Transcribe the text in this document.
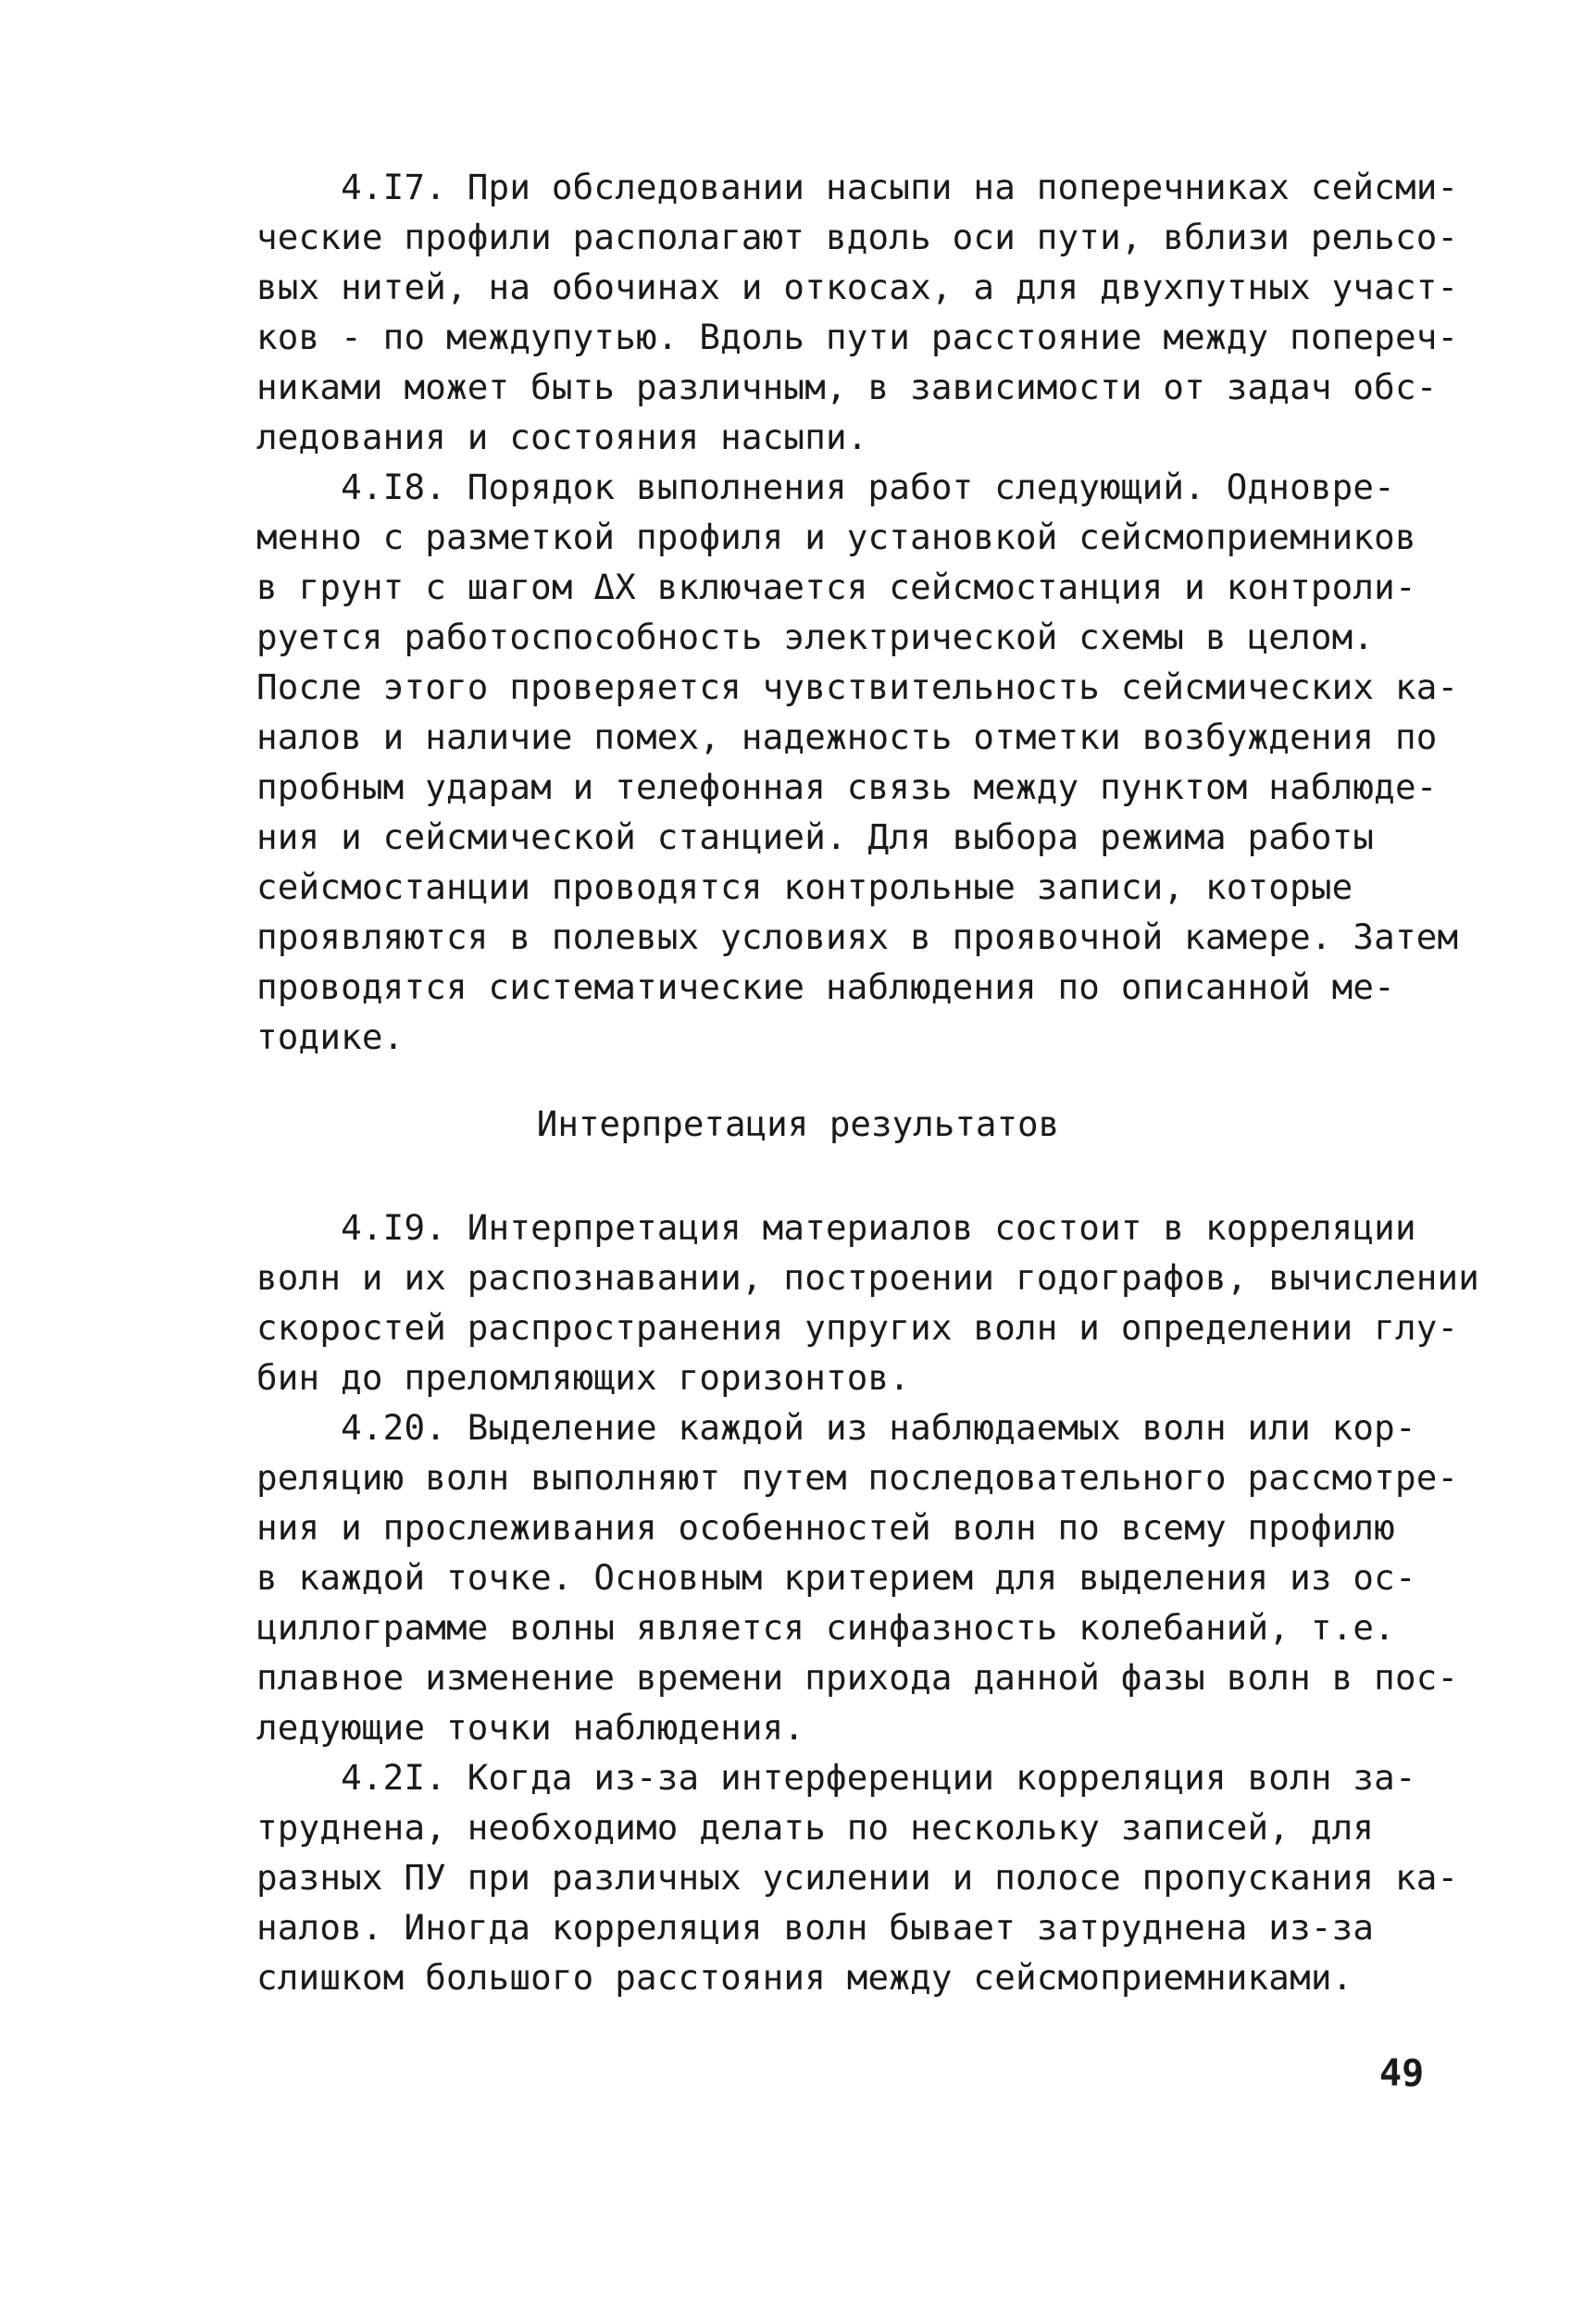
4.I7. При обследовании насыпи на поперечниках сейсми-
ческие профили располагают вдоль оси пути, вблизи рельсо-
вых нитей, на обочинах и откосах, а для двухпутных участ-
ков - по междупутью. Вдоль пути расстояние между попереч-
никами может быть различным, в зависимости от задач обс-
ледования и состояния насыпи.
4.I8. Порядок выполнения работ следующий. Одновре-
менно с разметкой профиля и установкой сейсмоприемников
в грунт с шагом ΔX включается сейсмостанция и контроли-
руется работоспособность электрической схемы в целом.
После этого проверяется чувствительность сейсмических ка-
налов и наличие помех, надежность отметки возбуждения по
пробным ударам и телефонная связь между пунктом наблюде-
ния и сейсмической станцией. Для выбора режима работы
сейсмостанции проводятся контрольные записи, которые
проявляются в полевых условиях в проявочной камере. Затем
проводятся систематические наблюдения по описанной ме-
тодике.
Интерпретация результатов
4.I9. Интерпретация материалов состоит в корреляции
волн и их распознавании, построении годографов, вычислении
скоростей распространения упругих волн и определении глу-
бин до преломляющих горизонтов.
4.20. Выделение каждой из наблюдаемых волн или кор-
реляцию волн выполняют путем последовательного рассмотре-
ния и прослеживания особенностей волн по всему профилю
в каждой точке. Основным критерием для выделения из ос-
циллограмме волны является синфазность колебаний, т.е.
плавное изменение времени прихода данной фазы волн в пос-
ледующие точки наблюдения.
4.2I. Когда из-за интерференции корреляция волн за-
труднена, необходимо делать по нескольку записей, для
разных ПУ при различных усилении и полосе пропускания ка-
налов. Иногда корреляция волн бывает затруднена из-за
слишком большого расстояния между сейсмоприемниками.
49
